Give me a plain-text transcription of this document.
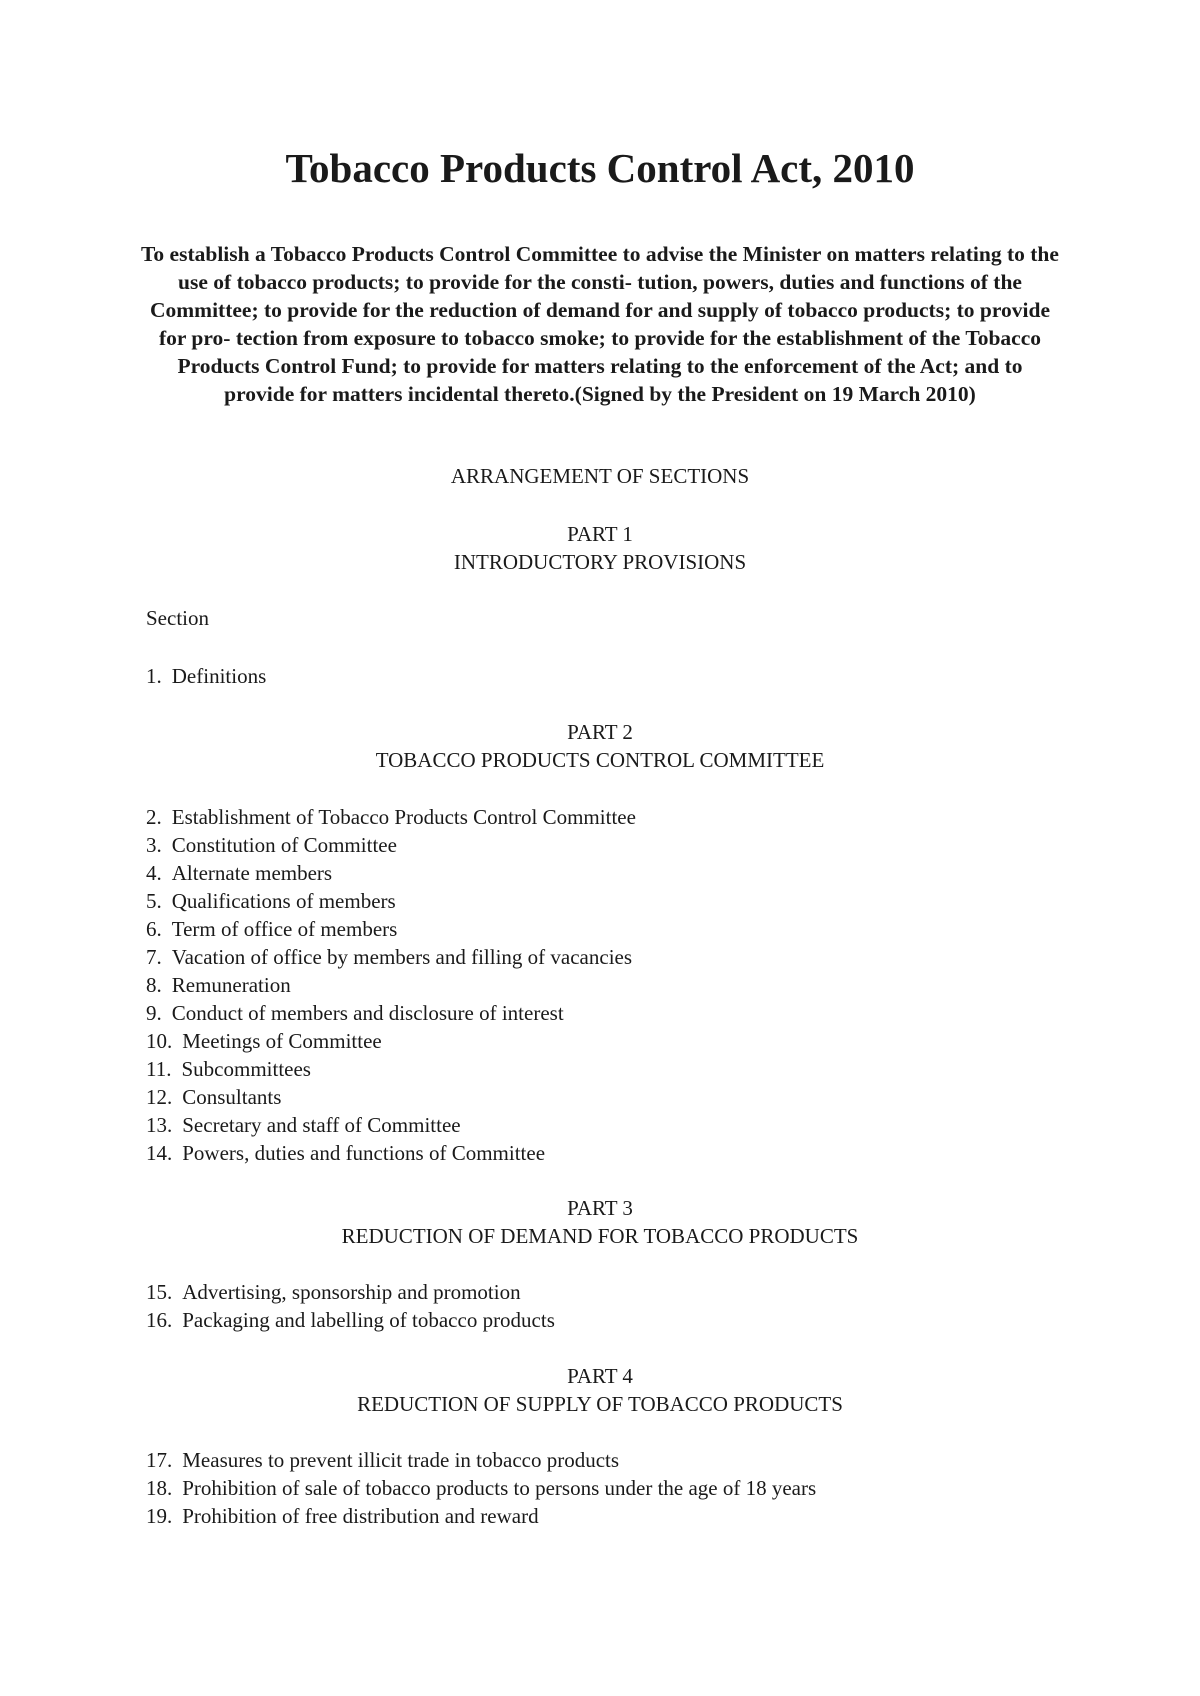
Tobacco Products Control Act, 2010

To establish a Tobacco Products Control Committee to advise the Minister on matters relating to the use of tobacco products; to provide for the consti- tution, powers, duties and functions of the Committee; to provide for the reduction of demand for and supply of tobacco products; to provide for pro- tection from exposure to tobacco smoke; to provide for the establishment of the Tobacco Products Control Fund; to provide for matters relating to the enforcement of the Act; and to provide for matters incidental thereto.(Signed by the President on 19 March 2010)

ARRANGEMENT OF SECTIONS

PART 1

INTRODUCTORY PROVISIONS

Section

1. Definitions

PART 2

TOBACCO PRODUCTS CONTROL COMMITTEE

2. Establishment of Tobacco Products Control Committee
3. Constitution of Committee
4. Alternate members
5. Qualifications of members
6. Term of office of members
7. Vacation of office by members and filling of vacancies
8. Remuneration
9. Conduct of members and disclosure of interest
10. Meetings of Committee
11. Subcommittees
12. Consultants
13. Secretary and staff of Committee
14. Powers, duties and functions of Committee

PART 3

REDUCTION OF DEMAND FOR TOBACCO PRODUCTS

15. Advertising, sponsorship and promotion
16. Packaging and labelling of tobacco products

PART 4

REDUCTION OF SUPPLY OF TOBACCO PRODUCTS

17. Measures to prevent illicit trade in tobacco products
18. Prohibition of sale of tobacco products to persons under the age of 18 years
19. Prohibition of free distribution and reward
